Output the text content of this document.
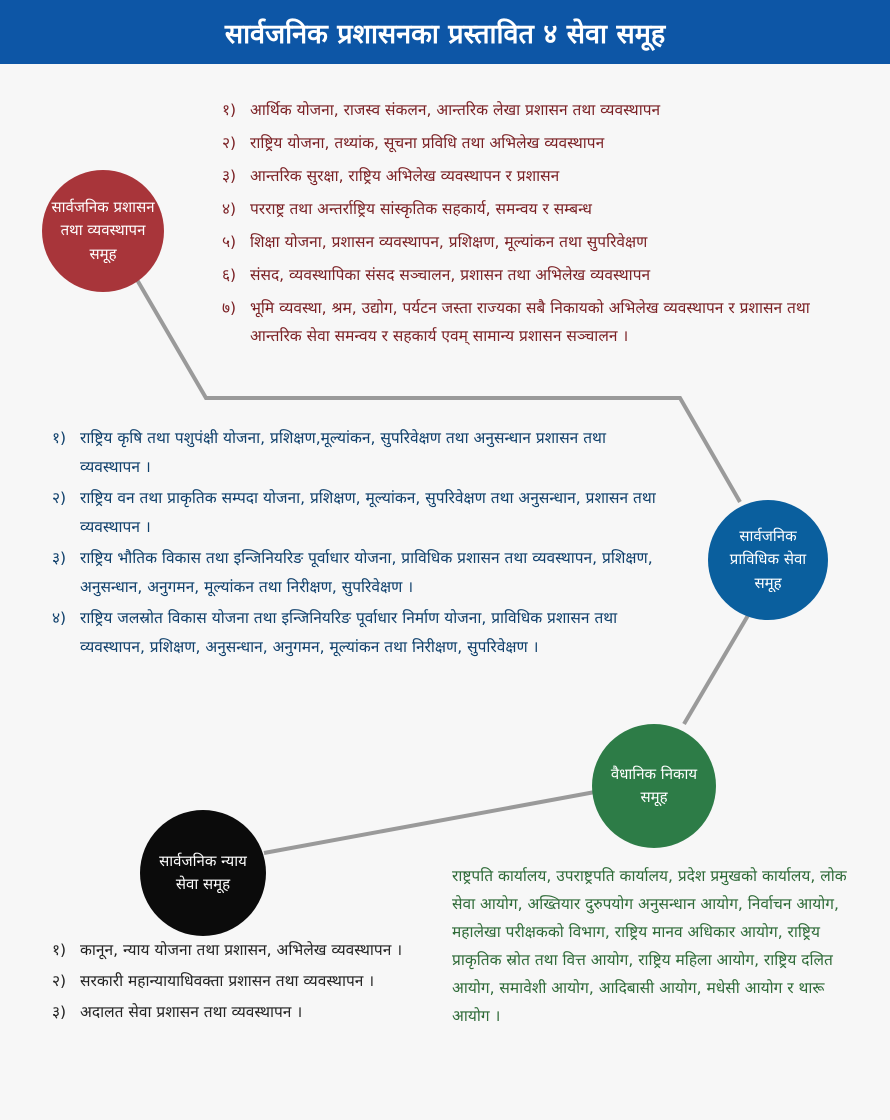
सार्वजनिक प्रशासनका प्रस्तावित ४ सेवा समूह
सार्वजनिक प्रशासन तथा व्यवस्थापन समूह
सार्वजनिक प्राविधिक सेवा समूह
वैधानिक निकाय समूह
सार्वजनिक न्याय सेवा समूह
१) आर्थिक योजना, राजस्व संकलन, आन्तरिक लेखा प्रशासन तथा व्यवस्थापन
२) राष्ट्रिय योजना, तथ्यांक, सूचना प्रविधि तथा अभिलेख व्यवस्थापन
३) आन्तरिक सुरक्षा, राष्ट्रिय अभिलेख व्यवस्थापन र प्रशासन
४) परराष्ट्र तथा अन्तर्राष्ट्रिय सांस्कृतिक सहकार्य, समन्वय र सम्बन्ध
५) शिक्षा योजना, प्रशासन व्यवस्थापन, प्रशिक्षण, मूल्यांकन तथा सुपरिवेक्षण
६) संसद, व्यवस्थापिका संसद सञ्चालन, प्रशासन तथा अभिलेख व्यवस्थापन
७) भूमि व्यवस्था, श्रम, उद्योग, पर्यटन जस्ता राज्यका सबै निकायको अभिलेख व्यवस्थापन र प्रशासन तथा आन्तरिक सेवा समन्वय र सहकार्य एवम् सामान्य प्रशासन सञ्चालन ।
१) राष्ट्रिय कृषि तथा पशुपंक्षी योजना, प्रशिक्षण,मूल्यांकन, सुपरिवेक्षण तथा अनुसन्धान प्रशासन तथा व्यवस्थापन ।
२) राष्ट्रिय वन तथा प्राकृतिक सम्पदा योजना, प्रशिक्षण, मूल्यांकन, सुपरिवेक्षण तथा अनुसन्धान, प्रशासन तथा व्यवस्थापन ।
३) राष्ट्रिय भौतिक विकास तथा इन्जिनियरिङ पूर्वाधार योजना, प्राविधिक प्रशासन तथा व्यवस्थापन, प्रशिक्षण, अनुसन्धान, अनुगमन, मूल्यांकन तथा निरीक्षण, सुपरिवेक्षण ।
४) राष्ट्रिय जलस्रोत विकास योजना तथा इन्जिनियरिङ पूर्वाधार निर्माण योजना, प्राविधिक प्रशासन तथा व्यवस्थापन, प्रशिक्षण, अनुसन्धान, अनुगमन, मूल्यांकन तथा निरीक्षण, सुपरिवेक्षण ।
राष्ट्रपति कार्यालय, उपराष्ट्रपति कार्यालय, प्रदेश प्रमुखको कार्यालय, लोक सेवा आयोग, अख्तियार दुरुपयोग अनुसन्धान आयोग, निर्वाचन आयोग, महालेखा परीक्षकको विभाग, राष्ट्रिय मानव अधिकार आयोग, राष्ट्रिय प्राकृतिक स्रोत तथा वित्त आयोग, राष्ट्रिय महिला आयोग, राष्ट्रिय दलित आयोग, समावेशी आयोग, आदिबासी आयोग, मधेसी आयोग र थारू आयोग ।
१) कानून, न्याय योजना तथा प्रशासन, अभिलेख व्यवस्थापन ।
२) सरकारी महान्यायाधिवक्ता प्रशासन तथा व्यवस्थापन ।
३) अदालत सेवा प्रशासन तथा व्यवस्थापन ।
